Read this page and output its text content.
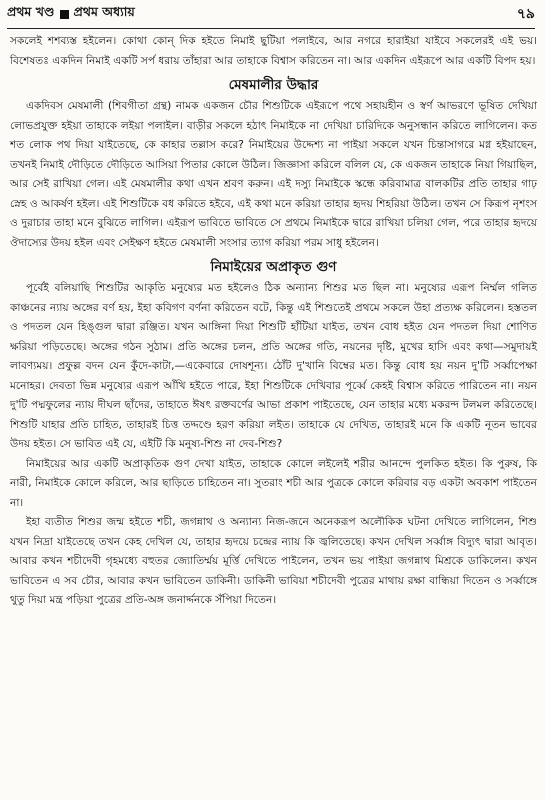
প্রথম খণ্ড প্রথম অধ্যায়	৭৯

সকলেই শশব্যস্ত হইলেন। কোথা কোন্ দিক হইতে নিমাই ছুটিয়া পলাইবে, আর নগরে হারাইয়া যাইবে সকলেরই এই ভয়। বিশেষতঃ একদিন নিমাই একটি সর্প ধরায় তাঁহারা আর তাহাকে বিশ্বাস করিতেন না। আর একদিন এইরূপে আর একটি বিপদ হয়।

মেষমালীর উদ্ধার

একদিবস মেষমালী (শিবগীতা গ্রন্থ) নামক একজন চৌর শিশুটিকে এইরূপে পথে সহায়হীন ও স্বর্ণ আভরণে ভূষিত দেখিয়া লোভপ্রযুক্ত হইয়া তাহাকে লইয়া পলাইল। বাড়ীর সকলে হঠাৎ নিমাইকে না দেখিয়া চারিদিকে অনুসন্ধান করিতে লাগিলেন। কত শত লোক পথ দিয়া যাইতেছে, কে কাহার তল্লাস করে? নিমাইয়ের উদ্দেশ্য না পাইয়া সকলে যখন চিন্তাসাগরে মগ্ন হইয়াছেন, তখনই নিমাই দৌড়িতে দৌড়িতে আসিয়া পিতার কোলে উঠিল। জিজ্ঞাসা করিলে বলিল যে, কে একজন তাহাকে নিয়া গিয়াছিল, আর সেই রাখিয়া গেল। এই মেষমালীর কথা এখন শ্রবণ করুন। এই দস্যু নিমাইকে স্কন্ধে করিবামাত্র বালকটির প্রতি তাহার গাঢ় স্নেহ ও আকর্ষণ হইল। এই শিশুটিকে বধ করিতে হইবে, এই কথা মনে করিয়া তাহার হৃদয় শিহরিয়া উঠিল। তখন সে কিরূপ নৃশংস ও দুরাচার তাহা মনে বুঝিতে লাগিল। এইরূপ ভাবিতে ভাবিতে সে প্রথমে নিমাইকে দ্বারে রাখিয়া চলিয়া গেল, পরে তাহার হৃদয়ে ঔদাস্যের উদয় হইল এবং সেইক্ষণ হইতে মেষমালী সংসার ত্যাগ করিয়া পরম সাধু হইলেন।

নিমাইয়ের অপ্রাকৃত গুণ

পূর্বেই বলিয়াছি শিশুটির আকৃতি মনুষ্যের মত হইলেও ঠিক অন্যান্য শিশুর মত ছিল না। মনুষ্যের এরূপ নির্ম্মল গলিত কাঞ্চনের ন্যায় অঙ্গের বর্ণ হয়, ইহা কবিগণ বর্ণনা করিতেন বটে, কিন্তু এই শিশুতেই প্রথমে সকলে উহা প্রত্যক্ষ করিলেন। হস্ততল ও পদতল যেন হিঙ্গুল দ্বারা রঞ্জিত। যখন আঙ্গিনা দিয়া শিশুটি হাঁটিয়া যাইত, তখন বোধ হইত যেন পদতল দিয়া শোণিত ক্ষরিয়া পড়িতেছে। অঙ্গের গঠন সুঠাম। প্রতি অঙ্গের চলন, প্রতি অঙ্গের গতি, নয়নের দৃষ্টি, মুখের হাসি এবং কথা—সমুদায়ই লাবণ্যময়। প্রফুল্ল বদন যেন কুঁদে-কাটা,—একেবারে দোষশূন্য। ঠোঁট দু'খানি বিম্বের মত। কিন্তু বোধ হয় নয়ন দু'টি সর্ব্বাপেক্ষা মনোহর। দেবতা ভিন্ন মনুষ্যের এরূপ আঁখি হইতে পারে, ইহা শিশুটিকে দেখিবার পূর্ব্বে কেহই বিশ্বাস করিতে পারিতেন না। নয়ন দু'টি পদ্মফুলের ন্যায় দীঘল ছাঁদের, তাহাতে ঈষৎ রক্তবর্ণের আভা প্রকাশ পাইতেছে, যেন তাহার মধ্যে মকরন্দ টলমল করিতেছে। শিশুটি যাহার প্রতি চাহিত, তাহারই চিত্ত তদ্দণ্ডে হরণ করিয়া লইত। তাহাকে যে দেখিত, তাহারই মনে কি একটি নূতন ভাবের উদয় হইত। সে ভাবিত এই যে, এইটি কি মনুষ্য-শিশু না দেব-শিশু?

নিমাইয়ের আর একটি অপ্রাকৃতিক গুণ দেখা যাইত, তাহাকে কোলে লইলেই শরীর আনন্দে পুলকিত হইত। কি পুরুষ, কি নারী, নিমাইকে কোলে করিলে, আর ছাড়িতে চাহিতেন না। সুতরাং শচী আর পুত্রকে কোলে করিবার বড় একটা অবকাশ পাইতেন না।

ইহা ব্যতীত শিশুর জন্ম হইতে শচী, জগন্নাথ ও অন্যান্য নিজ-জনে অনেকরূপ অলৌকিক ঘটনা দেখিতে লাগিলেন, শিশু যখন নিদ্রা যাইতেছে তখন কেহ দেখিল যে, তাহার হৃদয়ে চন্দ্রের ন্যায় কি জ্বলিতেছে। কখন দেখিল সর্ব্বাঙ্গ বিদ্যুৎ দ্বারা আবৃত। আবার কখন শচীদেবী গৃহমধ্যে বহুতর জ্যোতির্ম্ময় মূর্ত্তি দেখিতে পাইলেন, তখন ভয় পাইয়া জগন্নাথ মিশ্রকে ডাকিলেন। কখন ভাবিতেন এ সব চৌর, আবার কখন ভাবিতেন ডাকিনী। ডাকিনী ভাবিয়া শচীদেবী পুত্রের মাথায় রক্ষা বান্ধিয়া দিতেন ও সর্ব্বাঙ্গে থুতু দিয়া মন্ত্র পড়িয়া পুত্রের প্রতি-অঙ্গ জনার্দ্দনকে সঁপিয়া দিতেন।
